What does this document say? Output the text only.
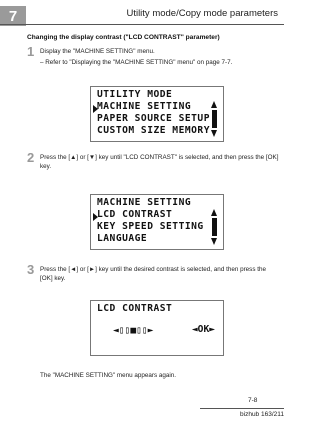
7	Utility mode/Copy mode parameters
Changing the display contrast ("LCD CONTRAST" parameter)
1 Display the "MACHINE SETTING" menu.
– Refer to "Displaying the "MACHINE SETTING" menu" on page 7-7.
UTILITY MODE
MACHINE SETTING
PAPER SOURCE SETUP
CUSTOM SIZE MEMORY
2 Press the [▲] or [▼] key until "LCD CONTRAST" is selected, and then press the [OK] key.
MACHINE SETTING
LCD CONTRAST
KEY SPEED SETTING
LANGUAGE
3 Press the [◄] or [►] key until the desired contrast is selected, and then press the [OK] key.
LCD CONTRAST
◄▯▯■▯▯►	◄OK►
The "MACHINE SETTING" menu appears again.
7-8
bizhub 163/211
